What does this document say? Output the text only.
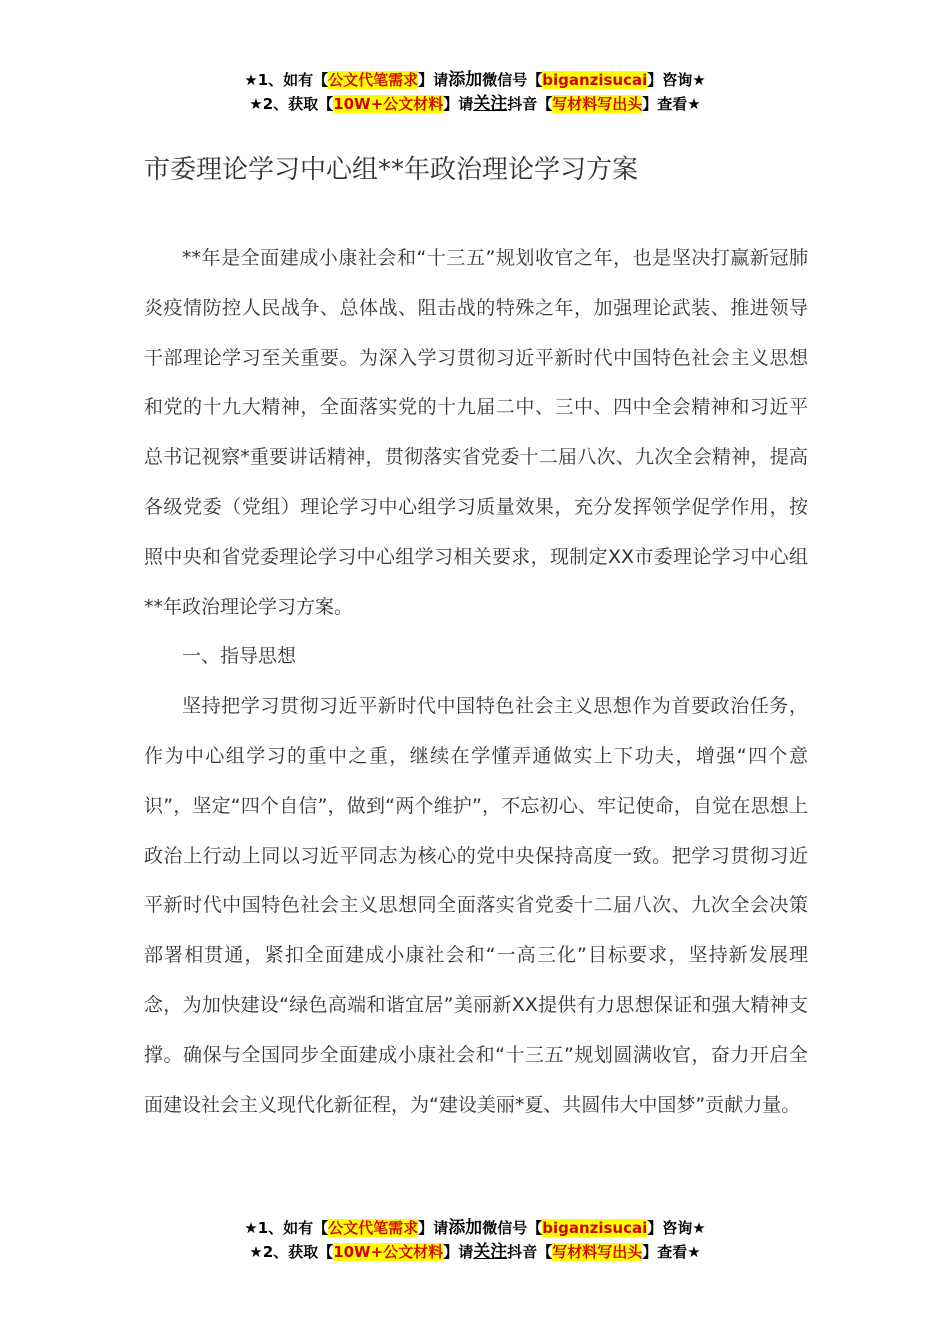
★1、如有【公文代笔需求】请添加微信号【biganzisucai】咨询★
★2、获取【10W+公文材料】请关注抖音【写材料写出头】查看★
市委理论学习中心组**年政治理论学习方案

**年是全面建成小康社会和“十三五”规划收官之年，也是坚决打赢新冠肺炎疫情防控人民战争、总体战、阻击战的特殊之年，加强理论武装、推进领导干部理论学习至关重要。为深入学习贯彻习近平新时代中国特色社会主义思想和党的十九大精神，全面落实党的十九届二中、三中、四中全会精神和习近平总书记视察*重要讲话精神，贯彻落实省党委十二届八次、九次全会精神，提高各级党委（党组）理论学习中心组学习质量效果，充分发挥领学促学作用，按照中央和省党委理论学习中心组学习相关要求，现制定XX市委理论学习中心组**年政治理论学习方案。

一、指导思想

坚持把学习贯彻习近平新时代中国特色社会主义思想作为首要政治任务，作为中心组学习的重中之重，继续在学懂弄通做实上下功夫，增强“四个意识”，坚定“四个自信”，做到“两个维护”，不忘初心、牢记使命，自觉在思想上政治上行动上同以习近平同志为核心的党中央保持高度一致。把学习贯彻习近平新时代中国特色社会主义思想同全面落实省党委十二届八次、九次全会决策部署相贯通，紧扣全面建成小康社会和“一高三化”目标要求，坚持新发展理念，为加快建设“绿色高端和谐宜居”美丽新XX提供有力思想保证和强大精神支撑。确保与全国同步全面建成小康社会和“十三五”规划圆满收官，奋力开启全面建设社会主义现代化新征程，为“建设美丽*夏、共圆伟大中国梦”贡献力量。

★1、如有【公文代笔需求】请添加微信号【biganzisucai】咨询★
★2、获取【10W+公文材料】请关注抖音【写材料写出头】查看★
